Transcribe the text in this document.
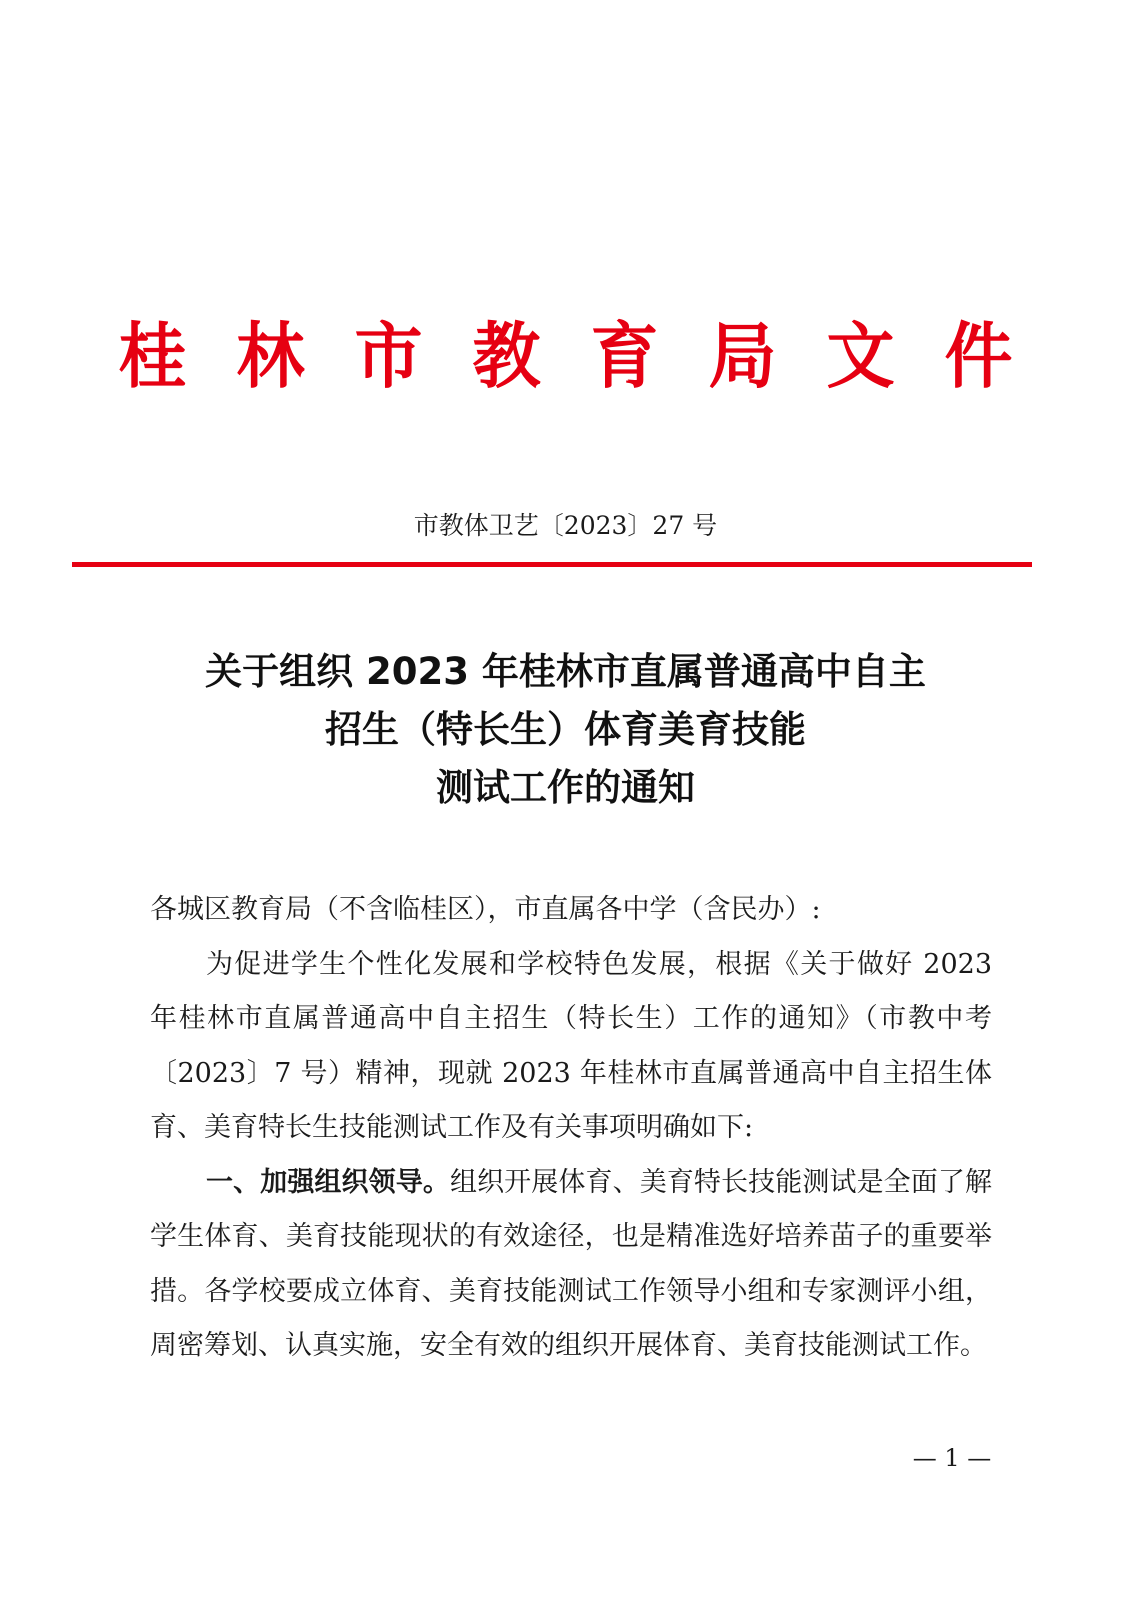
桂林市教育局文件
市教体卫艺〔2023〕27 号
关于组织 2023 年桂林市直属普通高中自主
招生（特长生）体育美育技能
测试工作的通知

各城区教育局（不含临桂区），市直属各中学（含民办）:

为促进学生个性化发展和学校特色发展，根据《关于做好 2023 年桂林市直属普通高中自主招生（特长生）工作的通知》（市教中考〔2023〕7 号）精神，现就 2023 年桂林市直属普通高中自主招生体育、美育特长生技能测试工作及有关事项明确如下:

一、加强组织领导。组织开展体育、美育特长技能测试是全面了解学生体育、美育技能现状的有效途径，也是精准选好培养苗子的重要举措。各学校要成立体育、美育技能测试工作领导小组和专家测评小组，周密筹划、认真实施，安全有效的组织开展体育、美育技能测试工作。

— 1 —
